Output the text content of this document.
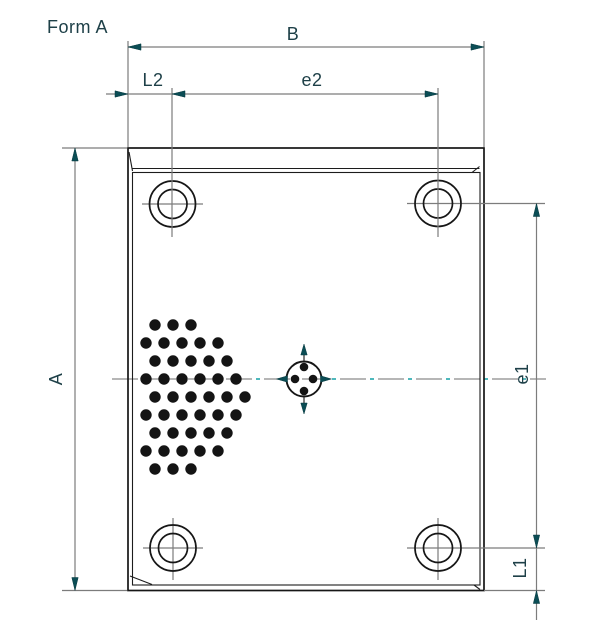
Form A	B
L2	e2
A	e1
L1
